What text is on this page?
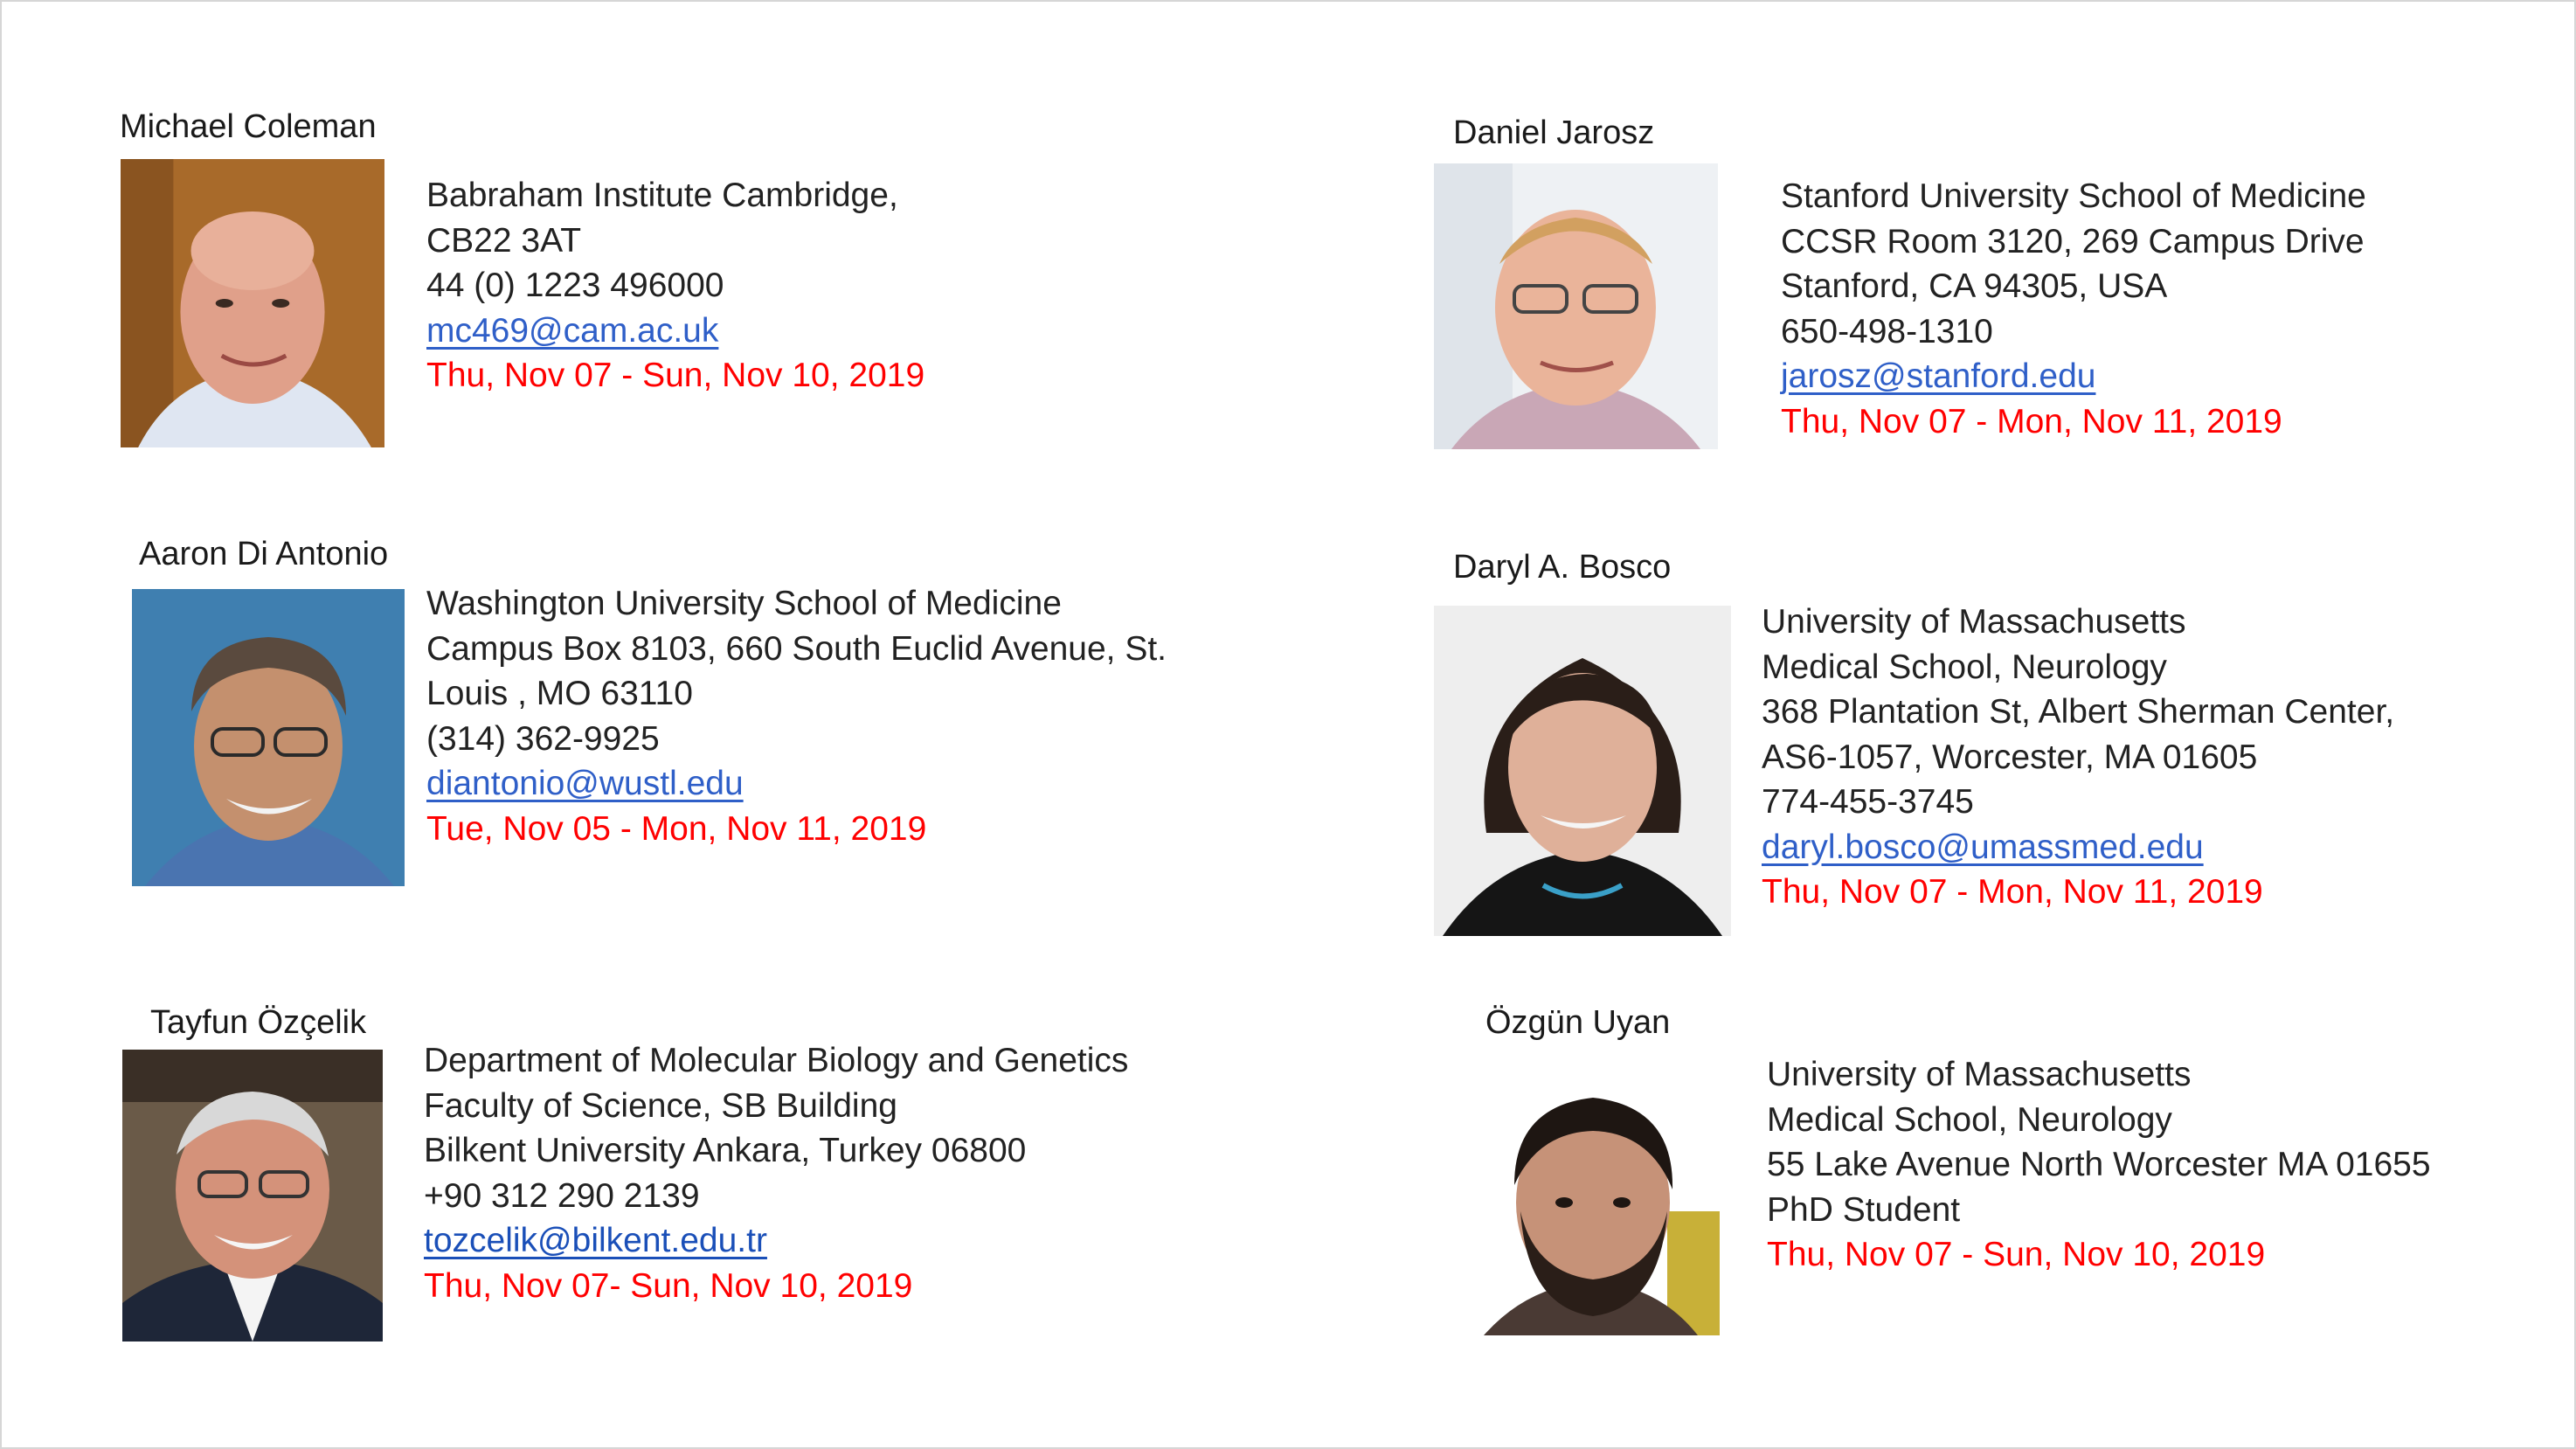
Michael Coleman
Babraham Institute Cambridge,
CB22 3AT
44 (0) 1223 496000
mc469@cam.ac.uk
Thu, Nov 07 - Sun, Nov 10, 2019
Daniel Jarosz
Stanford University School of Medicine
CCSR Room 3120, 269 Campus Drive
Stanford, CA 94305, USA
650-498-1310
jarosz@stanford.edu
Thu, Nov 07 - Mon, Nov 11, 2019
Aaron Di Antonio
Washington University School of Medicine
Campus Box 8103, 660 South Euclid Avenue, St.
Louis , MO 63110
(314) 362-9925
diantonio@wustl.edu
Tue, Nov 05 - Mon, Nov 11, 2019
Daryl A. Bosco
University of Massachusetts
Medical School, Neurology
368 Plantation St, Albert Sherman Center,
AS6-1057, Worcester, MA 01605
774-455-3745
daryl.bosco@umassmed.edu
Thu, Nov 07 - Mon, Nov 11, 2019
Tayfun Özçelik
Department of Molecular Biology and Genetics
Faculty of Science, SB Building
Bilkent University Ankara, Turkey 06800
+90 312 290 2139
tozcelik@bilkent.edu.tr
Thu, Nov 07- Sun, Nov 10, 2019
Özgün Uyan
University of Massachusetts
Medical School, Neurology
55 Lake Avenue North Worcester MA 01655
PhD Student
Thu, Nov 07 - Sun, Nov 10, 2019
